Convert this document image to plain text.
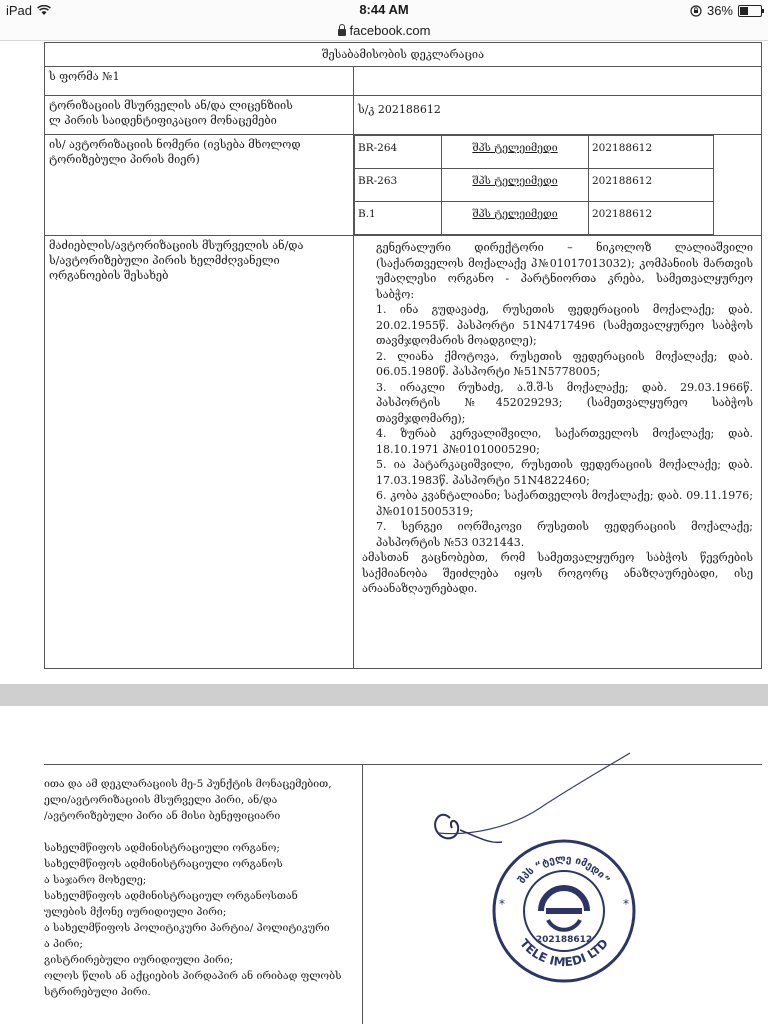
iPad	8:44 AM	36%
facebook.com
შესაბამისობის დეკლარაცია
ს ფორმა №1	

ტორიზაციის მსურველის ან/და ლიცენზიის
ლ პირის საიდენტიფიკაციო მონაცემები
	ს/კ 202188612

ის/ ავტორიზაციის ნომერი (ივსება მხოლოდ
ტორიზებული პირის მიერ)

BR-264	შპს ტელეიმედი	202188612
BR-263	შპს ტელეიმედი	202188612
B.1	შპს ტელეიმედი	202188612

მაძიებლის/ავტორიზაციის მსურველის ან/და
ს/ავტორიზებული პირის ხელმძღვანელი
ორგანოების შესახებ

გენერალური დირექტორი – ნიკოლოზ ლალიაშვილი (საქართველოს მოქალაქე პ№01017013032); კომპანიის მართვის უმაღლესი ორგანო - პარტნიორთა კრება, სამეთვალყურეო საბჭო:

1. ინა გუდავაძე, რუსეთის ფედერაციის მოქალაქე; დაბ. 20.02.1955წ. პასპორტი 51N4717496 (სამეთვალყურეო საბჭოს თავმჯდომარის მოადგილე);

2. ლიანა ქმოტოვა, რუსეთის ფედერაციის მოქალაქე; დაბ. 06.05.1980წ. პასპორტი №51N5778005;

3. ირაკლი რუხაძე, ა.შ.შ-ს მოქალაქე; დაბ. 29.03.1966წ. პასპორტის №452029293; (სამეთვალყურეო საბჭოს თავმჯდომარე);

4. ზურაბ კერვალიშვილი, საქართველოს მოქალაქე; დაბ. 18.10.1971 პ№01010005290;

5. ია პატარკაციშვილი, რუსეთის ფედერაციის მოქალაქე; დაბ. 17.03.1983წ. პასპორტი 51N4822460;

6. კობა კვანტალიანი; საქართველოს მოქალაქე; დაბ. 09.11.1976; პ№01015005319;

7. სერგეი იორშიკოვი რუსეთის ფედერაციის მოქალაქე; პასპორტის №53 0321443.

ამასთან გაცნობებთ, რომ სამეთვალყურეო საბჭოს წევრების საქმიანობა შეიძლება იყოს როგორც ანაზღაურებადი, ისე არაანაზღაურებადი.

ითა და ამ დეკლარაციის მე-5 პუნქტის მონაცემებით,

ელი/ავტორიზაციის მსურველი პირი, ან/და

/ავტორიზებული პირი ან მისი ბენეფიციარი

სახელმწიფოს ადმინისტრაციული ორგანო;

სახელმწიფოს ადმინისტრაციული ორგანოს

ა საჯარო მოხელე;

სახელმწიფოს ადმინისტრაციულ ორგანოსთან

ულების მქონე იურიდიული პირი;

ა სახელმწიფოს პოლიტიკური პარტია/ პოლიტიკური

ა პირი;

გისტრირებული იურიდიული პირი;

ოლოს წლის ან აქციების პირდაპირ ან ირიბად ფლობს

სტრირებული პირი.

შპს “ტელე იმედი”
TELE IMEDI LTD
202188612
*
*
